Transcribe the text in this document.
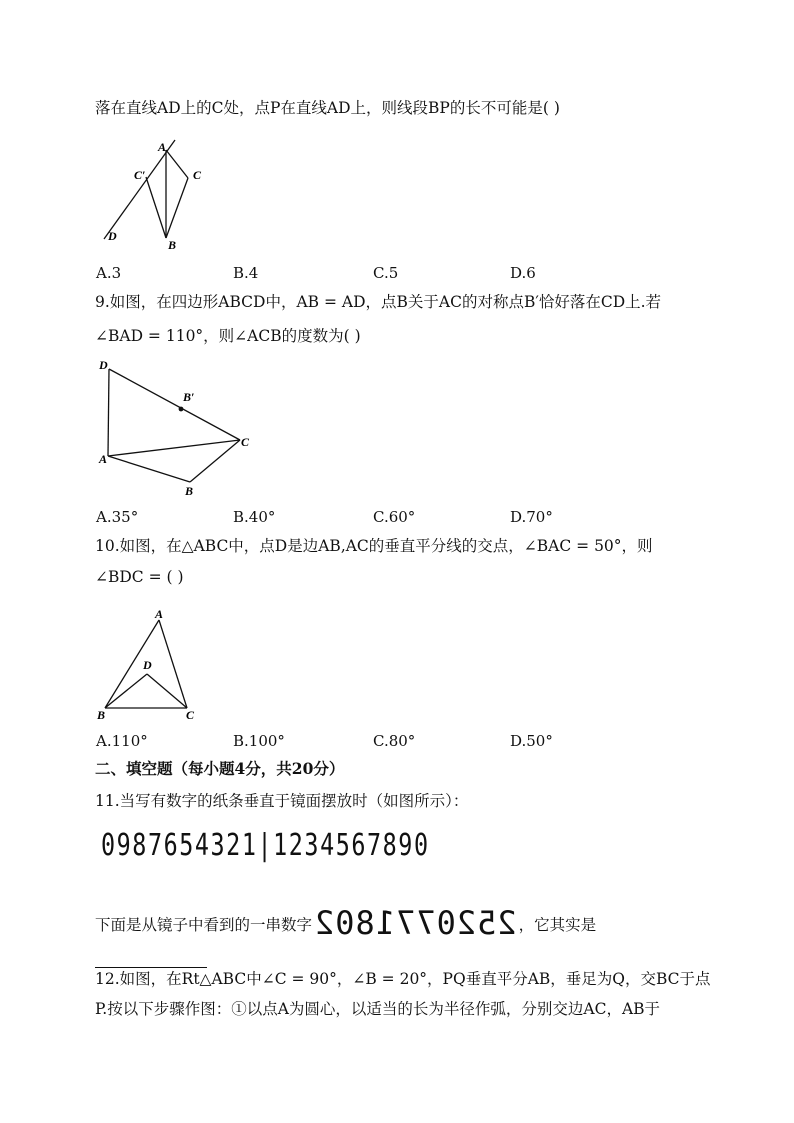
落在直线AD上的C处，点P在直线AD上，则线段BP的长不可能是( )
A
C′	C
D
B
A.3	B.4	C.5	D.6
9.如图，在四边形ABCD中，AB = AD，点B关于AC的对称点B′恰好落在CD上.若
∠BAD = 110°，则∠ACB的度数为( )
D
B′
C
A
B
A.35°	B.40°	C.60°	D.70°
10.如图，在△ABC中，点D是边AB,AC的垂直平分线的交点，∠BAC = 50°，则
∠BDC = ( )
A
D
B	C
A.110°	B.100°	C.80°	D.50°
二、填空题（每小题4分，共20分）
11.当写有数字的纸条垂直于镜面摆放时（如图所示）：
0987654321|1234567890
下面是从镜子中看到的一串数字2520771802 ，它其实是
12.如图，在Rt△ABC中∠C = 90°，∠B = 20°，PQ垂直平分AB，垂足为Q，交BC于点
P.按以下步骤作图：①以点A为圆心，以适当的长为半径作弧，分别交边AC，AB于
